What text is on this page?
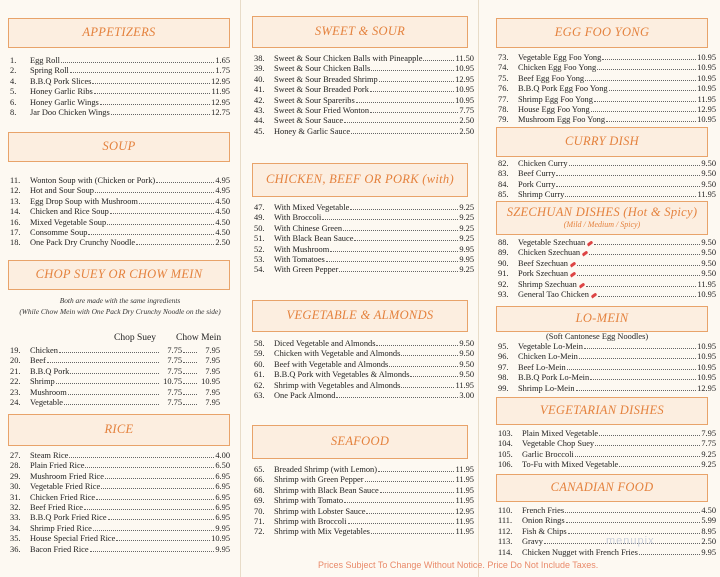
APPETIZERS
1.	Egg Roll	1.65
2.	Spring Roll	1.75
4.	B.B.Q Pork Slices	12.95
5.	Honey Garlic Ribs	11.95
6.	Honey Garlic Wings	12.95
8.	Jar Doo Chicken Wings	12.75
SOUP
11.	Wonton Soup with (Chicken or Pork)	4.95
12.	Hot and Sour Soup	4.95
13.	Egg Drop Soup with Mushroom	4.50
14.	Chicken and Rice Soup	4.50
16.	Mixed Vegetable Soup	4.50
17.	Consomme Soup	4.50
18.	One Pack Dry Crunchy Noodle	2.50
CHOP SUEY OR CHOW MEIN
Both are made with the same ingredients
(While Chow Mein with One Pack Dry Crunchy Noodle on the side)
Chop Suey Chow Mein
19.	Chicken	7.75	7.95
20.	Beef	7.75	7.95
21.	B.B.Q Pork	7.75	7.95
22.	Shrimp	10.75	10.95
23.	Mushroom	7.75	7.95
24.	Vegetable	7.75	7.95
RICE
27.	Steam Rice	4.00
28.	Plain Fried Rice	6.50
29.	Mushroom Fried Rice	6.95
30.	Vegetable Fried Rice	6.95
31.	Chicken Fried Rice	6.95
32.	Beef Fried Rice	6.95
33.	B.B.Q Pork Fried Rice	6.95
34.	Shrimp Fried Rice	9.95
35.	House Special Fried Rice	10.95
36.	Bacon Fried Rice	9.95
SWEET & SOUR
38.	Sweet & Sour Chicken Balls with Pineapple	11.50
39.	Sweet & Sour Chicken Balls	10.95
40.	Sweet & Sour Breaded Shrimp	12.95
41.	Sweet & Sour Breaded Pork	10.95
42.	Sweet & Sour Spareribs	10.95
43.	Sweet & Sour Fried Wonton	7.75
44.	Sweet & Sour Sauce	2.50
45.	Honey & Garlic Sauce	2.50
CHICKEN, BEEF OR PORK (with)
47.	With Mixed Vegetable	9.25
49.	With Broccoli	9.25
50.	With Chinese Green	9.25
51.	With Black Bean Sauce	9.25
52.	With Mushroom	9.95
53.	With Tomatoes	9.95
54.	With Green Pepper	9.25
VEGETABLE & ALMONDS
58.	Diced Vegetable and Almonds	9.50
59.	Chicken with Vegetable and Almonds	9.50
60.	Beef with Vegetable and Almonds	9.50
61.	B.B.Q Pork with Vegetables & Almonds	9.50
62.	Shrimp with Vegetables and Almonds	11.95
63.	One Pack Almond	3.00
SEAFOOD
65.	Breaded Shrimp (with Lemon)	11.95
66.	Shrimp with Green Pepper	11.95
68.	Shrimp with Black Bean Sauce	11.95
69.	Shrimp with Tomato	11.95
70.	Shrimp with Lobster Sauce	12.95
71.	Shrimp with Broccoli	11.95
72.	Shrimp with Mix Vegetables	11.95
EGG FOO YONG
73.	Vegetable Egg Foo Yong	10.95
74.	Chicken Egg Foo Yong	10.95
75.	Beef Egg Foo Yong	10.95
76.	B.B.Q Pork Egg Foo Yong	10.95
77.	Shrimp Egg Foo Yong	11.95
78.	House Egg Foo Yong	12.95
79.	Mushroom Egg Foo Yong	10.95
CURRY DISH
82.	Chicken Curry	9.50
83.	Beef Curry	9.50
84.	Pork Curry	9.50
85.	Shrimp Curry	11.95
SZECHUAN DISHES (Hot & Spicy)
(Mild / Medium / Spicy)
88.	Vegetable Szechuan	9.50
89.	Chicken Szechuan	9.50
90.	Beef Szechuan	9.50
91.	Pork Szechuan	9.50
92.	Shrimp Szechuan	11.95
93.	General Tao Chicken	10.95
LO-MEIN
(Soft Cantonese Egg Noodles)
95.	Vegetable Lo-Mein	10.95
96.	Chicken Lo-Mein	10.95
97.	Beef Lo-Mein	10.95
98.	B.B.Q Pork Lo-Mein	10.95
99.	Shrimp Lo-Mein	12.95
VEGETARIAN DISHES
103.	Plain Mixed Vegetable	7.95
104.	Vegetable Chop Suey	7.75
105.	Garlic Broccoli	9.25
106.	To-Fu with Mixed Vegetable	9.25
CANADIAN FOOD
110.	French Fries	4.50
111.	Onion Rings	5.99
112.	Fish & Chips	8.95
113.	Gravy	2.50
114.	Chicken Nugget with French Fries	9.95
menupix
Prices Subject To Change Without Notice. Price Do Not Include Taxes.
